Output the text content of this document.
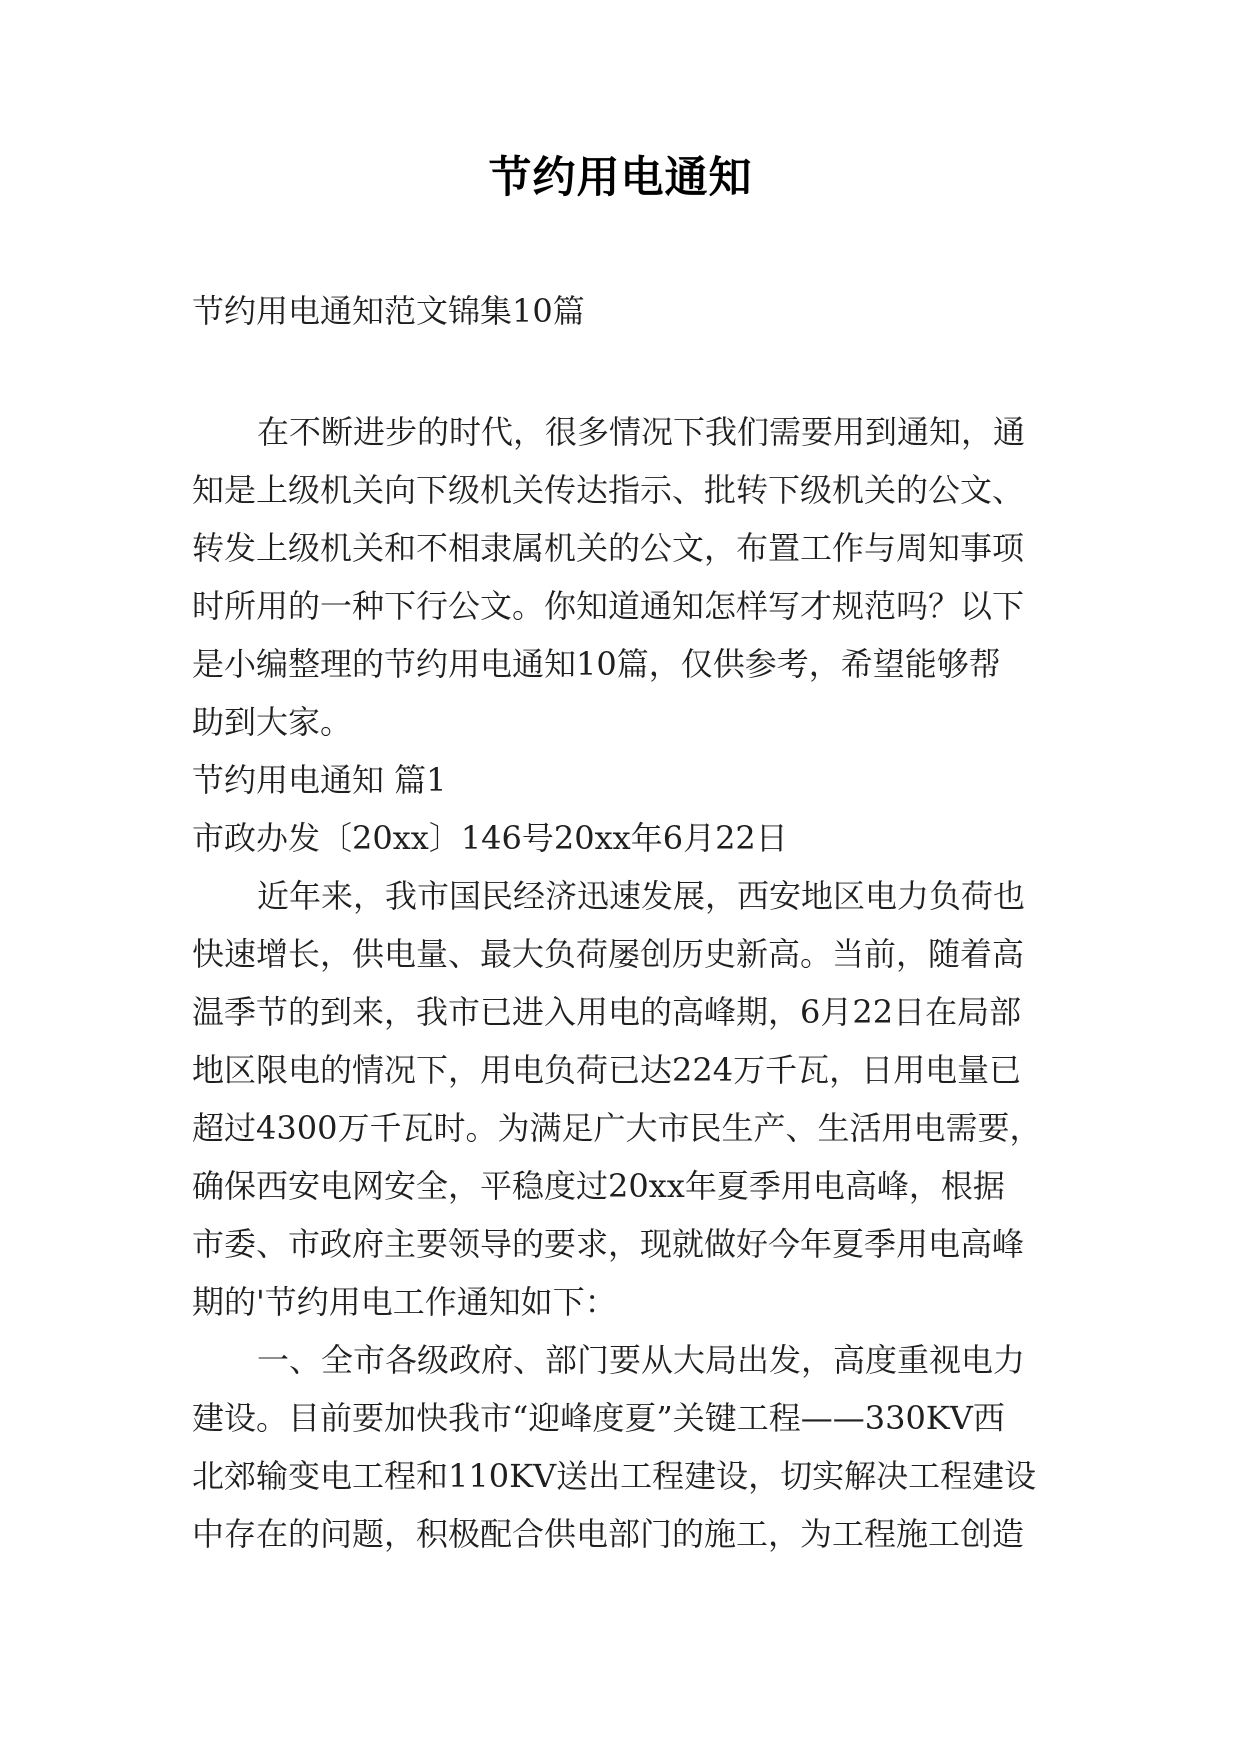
节约用电通知
节约用电通知范文锦集10篇
在不断进步的时代，很多情况下我们需要用到通知，通
知是上级机关向下级机关传达指示、批转下级机关的公文、
转发上级机关和不相隶属机关的公文，布置工作与周知事项
时所用的一种下行公文。你知道通知怎样写才规范吗？以下
是小编整理的节约用电通知10篇，仅供参考，希望能够帮
助到大家。
节约用电通知 篇1
市政办发〔20xx〕146号20xx年6月22日
近年来，我市国民经济迅速发展，西安地区电力负荷也
快速增长，供电量、最大负荷屡创历史新高。当前，随着高
温季节的到来，我市已进入用电的高峰期，6月22日在局部
地区限电的情况下，用电负荷已达224万千瓦，日用电量已
超过4300万千瓦时。为满足广大市民生产、生活用电需要，
确保西安电网安全，平稳度过20xx年夏季用电高峰，根据
市委、市政府主要领导的要求，现就做好今年夏季用电高峰
期的'节约用电工作通知如下：
一、全市各级政府、部门要从大局出发，高度重视电力
建设。目前要加快我市“迎峰度夏”关键工程——330KV西
北郊输变电工程和110KV送出工程建设，切实解决工程建设
中存在的问题，积极配合供电部门的施工，为工程施工创造
